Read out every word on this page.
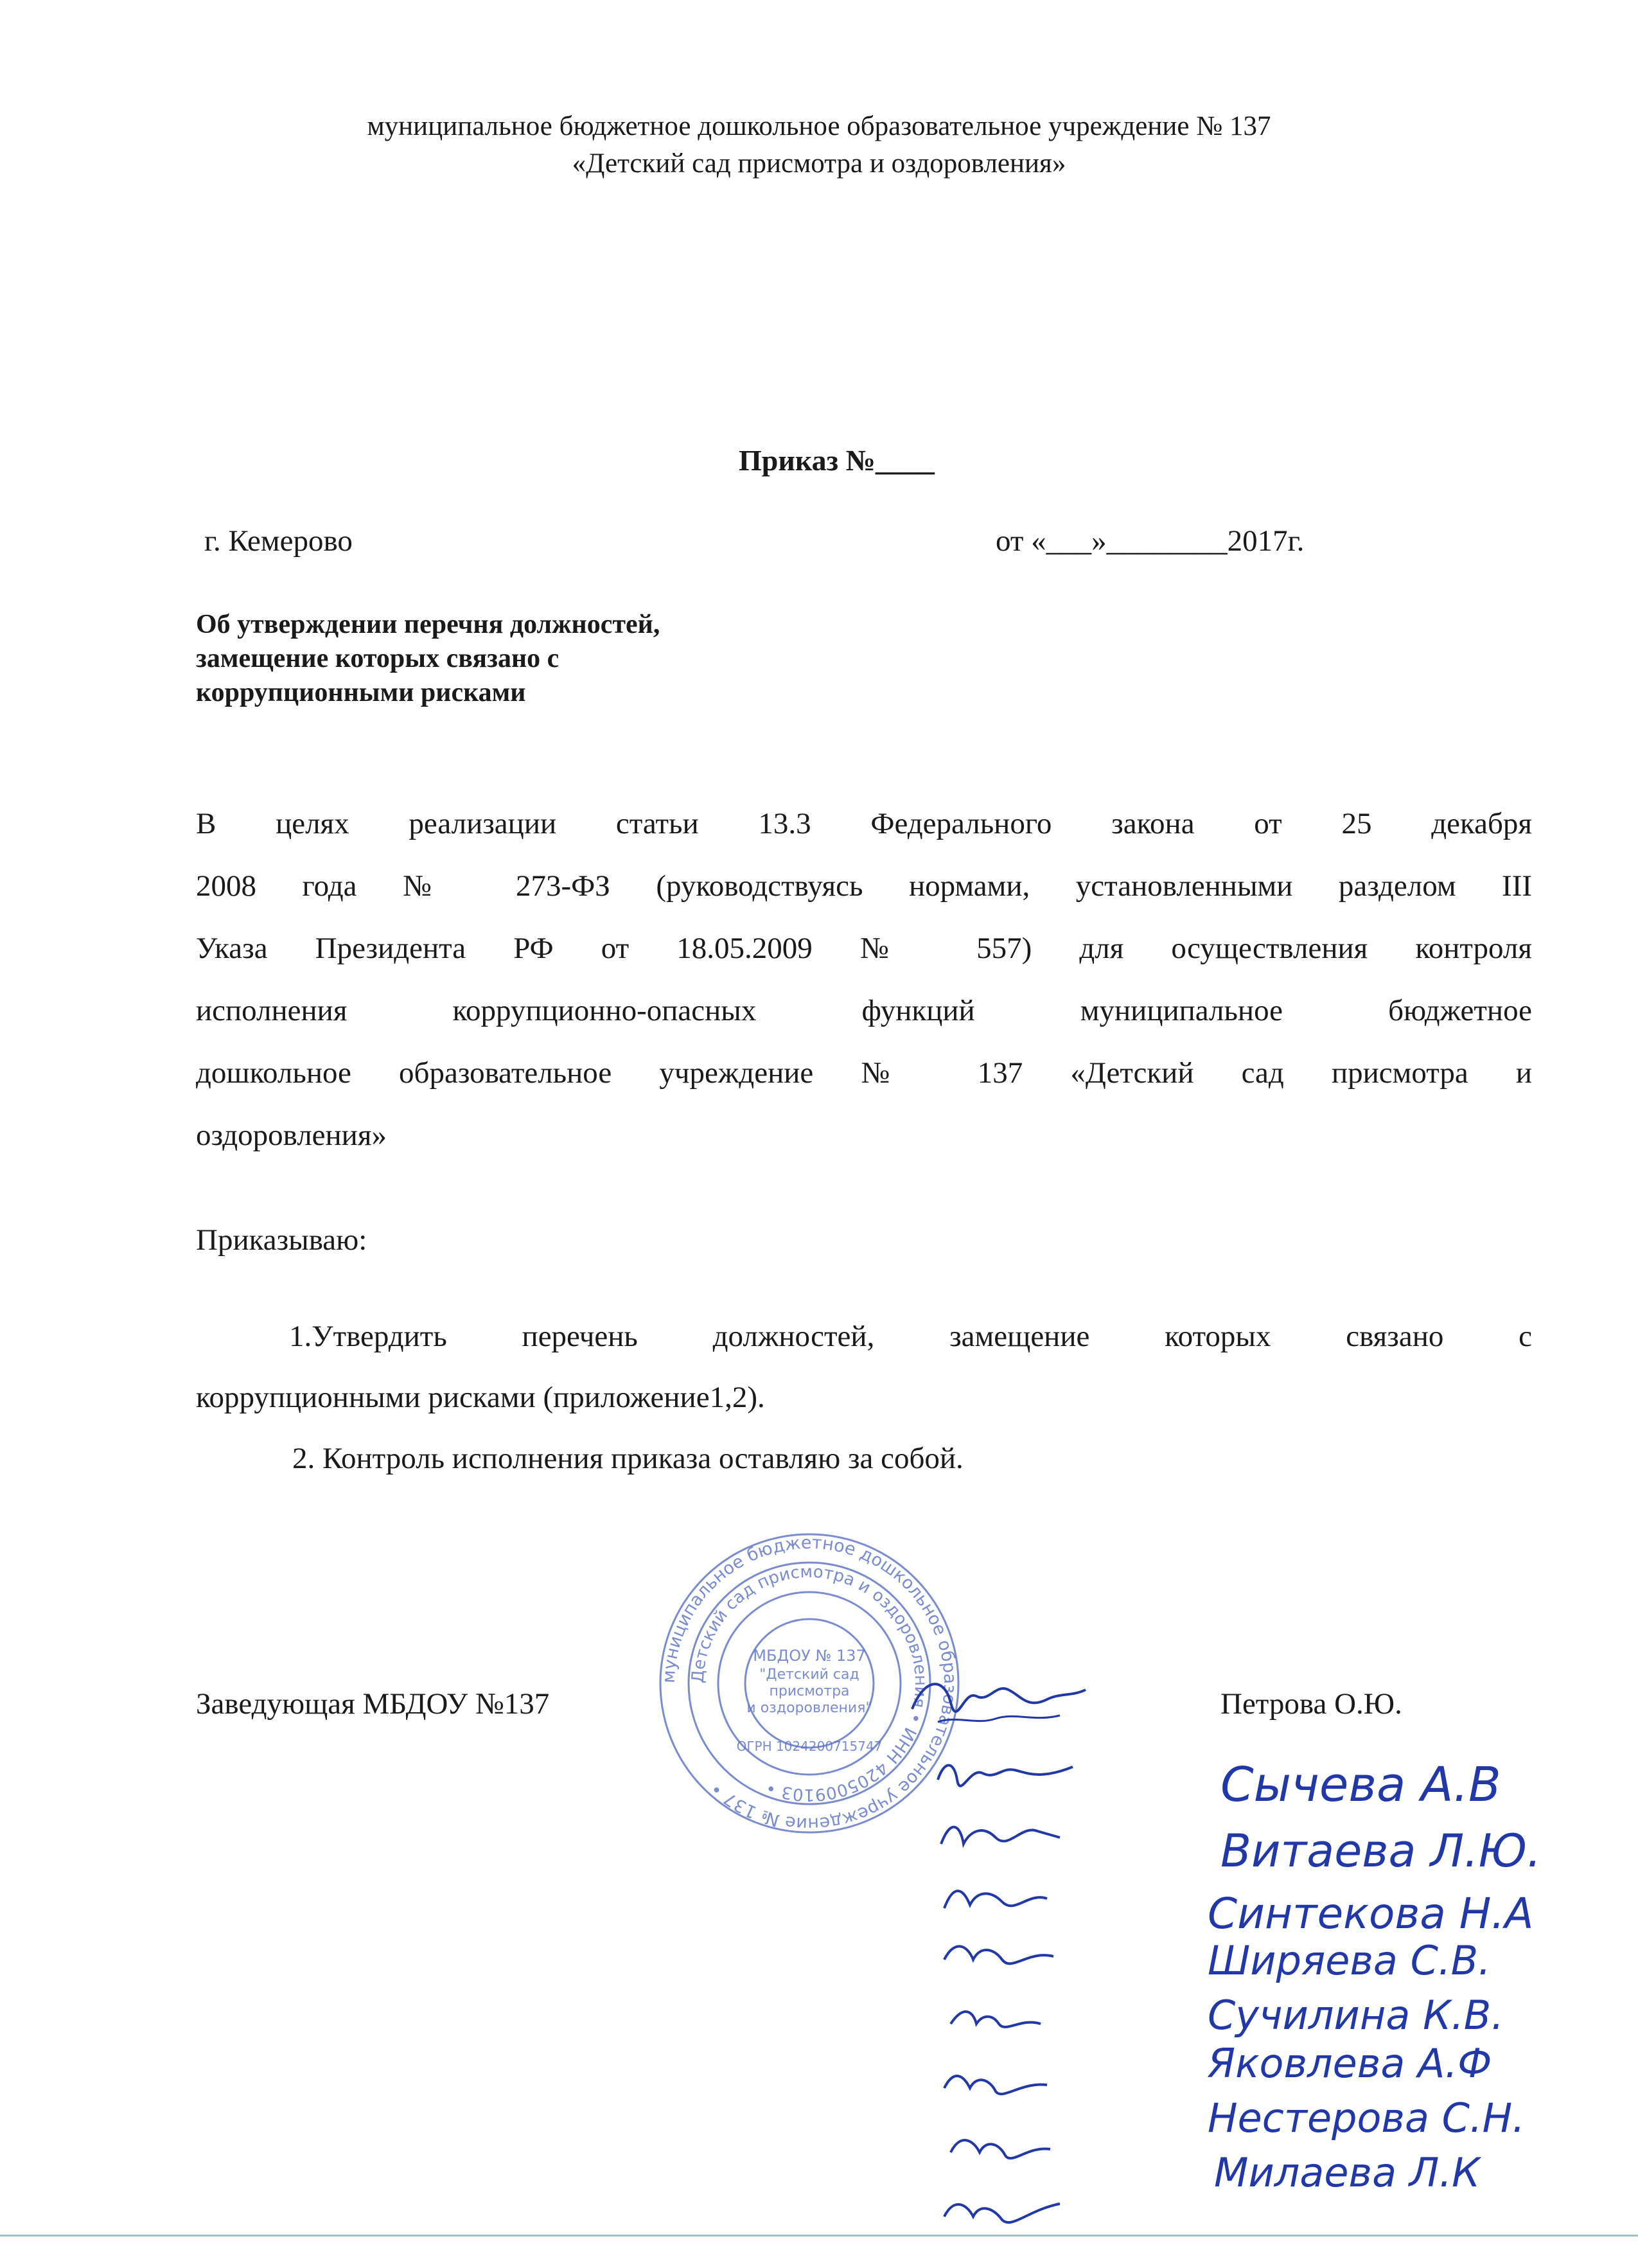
муниципальное бюджетное дошкольное образовательное учреждение № 137
«Детский сад присмотра и оздоровления»
Приказ №____
г. Кемерово	от «___»________2017г.
Об утверждении перечня должностей,
замещение которых связано с
коррупционными рисками
В целях реализации статьи 13.3 Федерального закона от 25 декабря
2008 года № 273-ФЗ (руководствуясь нормами, установленными разделом III
Указа Президента РФ от 18.05.2009 № 557) для осуществления контроля
исполнения коррупционно-опасных функций муниципальное бюджетное
дошкольное образовательное учреждение № 137 «Детский сад присмотра и
оздоровления»
Приказываю:
1.Утвердить перечень должностей, замещение которых связано с
коррупционными рисками (приложение1,2).
2. Контроль исполнения приказа оставляю за собой.
Заведующая МБДОУ №137	Петрова О.Ю.
муниципальное бюджетное дошкольное образовательное учреждение № 137 •
Детский сад присмотра и оздоровления • ИНН 4205009103 •
МБДОУ № 137
"Детский сад
присмотра
и оздоровления"
ОГРН 1024200715747
Сычева А.В
Витаева Л.Ю.
Синтекова Н.А
Ширяева С.В.
Сучилина К.В.
Яковлева А.Ф
Нестерова С.Н.
Милаева Л.К
